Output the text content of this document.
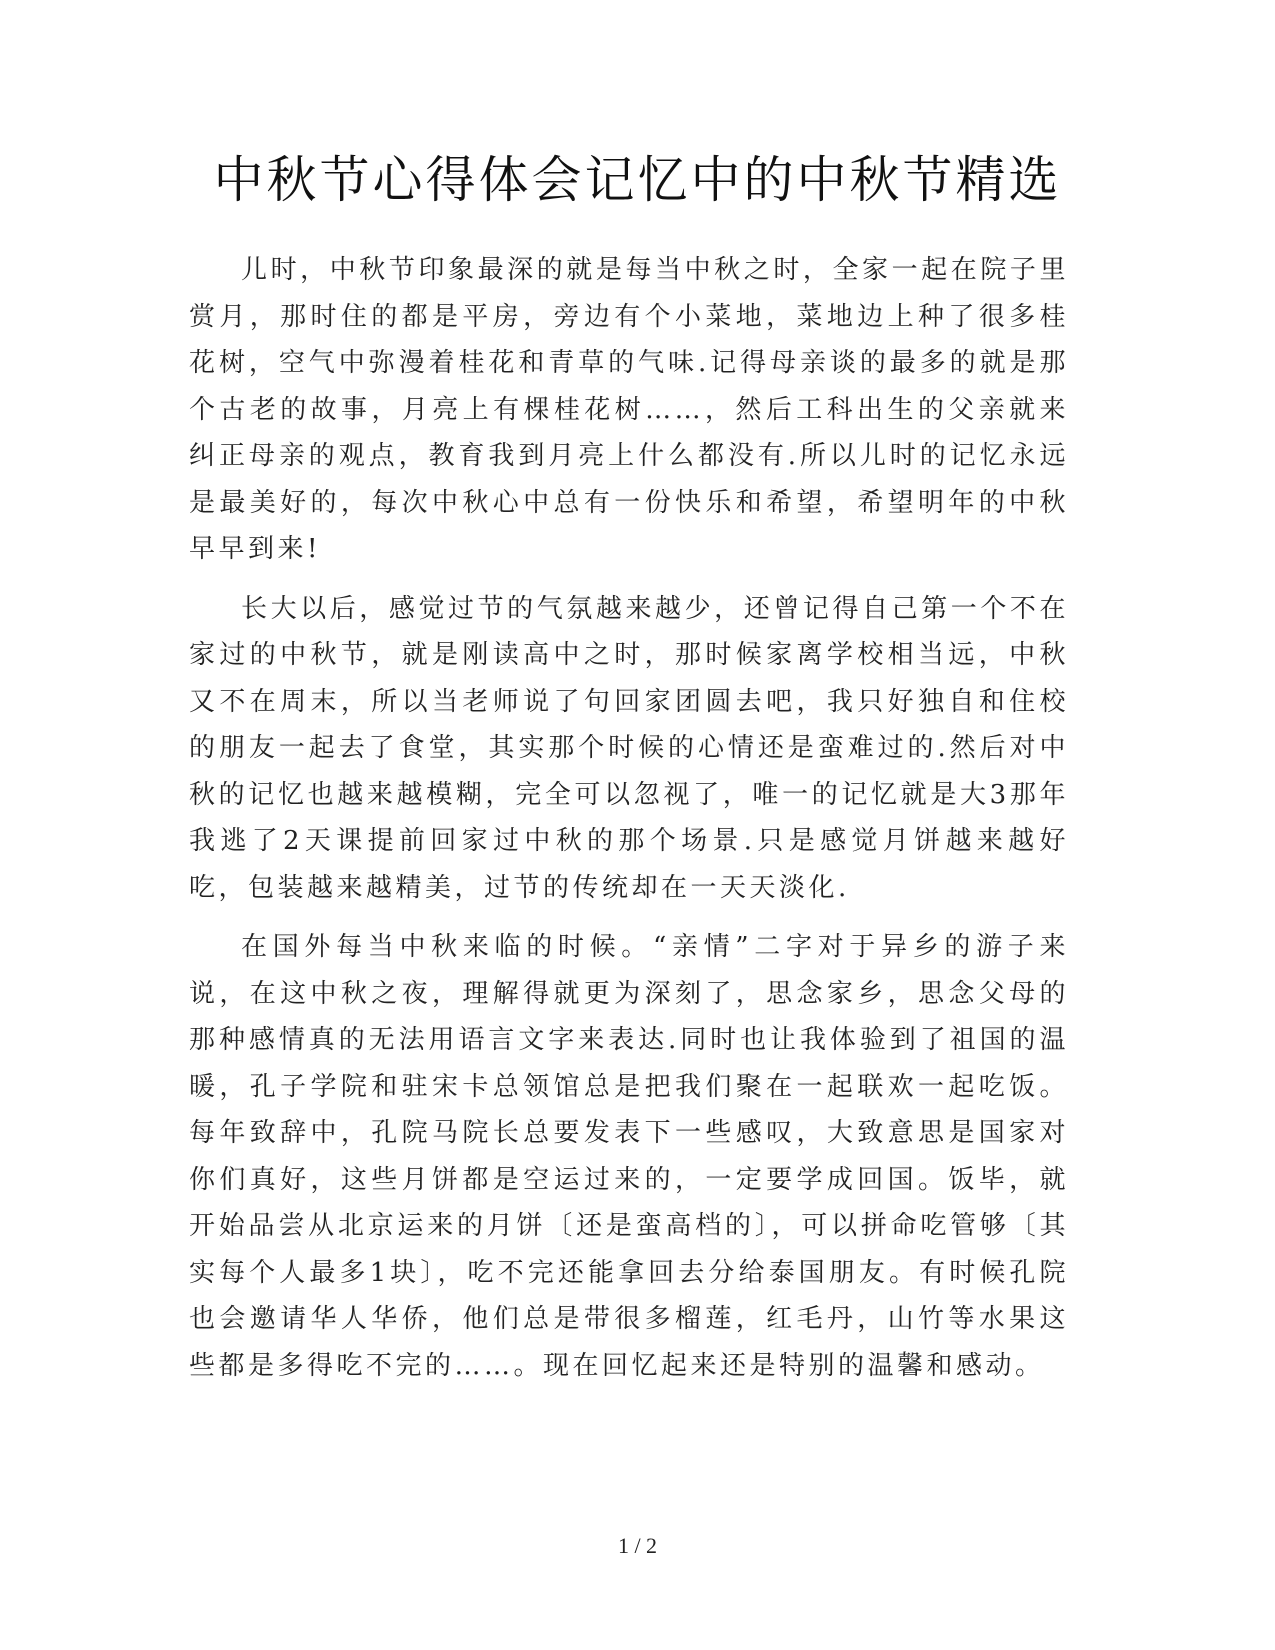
中秋节心得体会记忆中的中秋节精选

儿时，中秋节印象最深的就是每当中秋之时，全家一起在院子里赏月，那时住的都是平房，旁边有个小菜地，菜地边上种了很多桂花树，空气中弥漫着桂花和青草的气味.记得母亲谈的最多的就是那个古老的故事，月亮上有棵桂花树……，然后工科出生的父亲就来纠正母亲的观点，教育我到月亮上什么都没有.所以儿时的记忆永远是最美好的，每次中秋心中总有一份快乐和希望，希望明年的中秋早早到来!

长大以后，感觉过节的气氛越来越少，还曾记得自己第一个不在家过的中秋节，就是刚读高中之时，那时候家离学校相当远，中秋又不在周末，所以当老师说了句回家团圆去吧，我只好独自和住校的朋友一起去了食堂，其实那个时候的心情还是蛮难过的.然后对中秋的记忆也越来越模糊，完全可以忽视了，唯一的记忆就是大3那年我逃了2天课提前回家过中秋的那个场景.只是感觉月饼越来越好吃，包装越来越精美，过节的传统却在一天天淡化.

在国外每当中秋来临的时候。“亲情”二字对于异乡的游子来说，在这中秋之夜，理解得就更为深刻了，思念家乡，思念父母的那种感情真的无法用语言文字来表达.同时也让我体验到了祖国的温暖，孔子学院和驻宋卡总领馆总是把我们聚在一起联欢一起吃饭。每年致辞中，孔院马院长总要发表下一些感叹，大致意思是国家对你们真好，这些月饼都是空运过来的，一定要学成回国。饭毕，就开始品尝从北京运来的月饼〔还是蛮高档的〕，可以拼命吃管够〔其实每个人最多1块〕，吃不完还能拿回去分给泰国朋友。有时候孔院也会邀请华人华侨，他们总是带很多榴莲，红毛丹，山竹等水果这些都是多得吃不完的……。现在回忆起来还是特别的温馨和感动。

1 / 2
